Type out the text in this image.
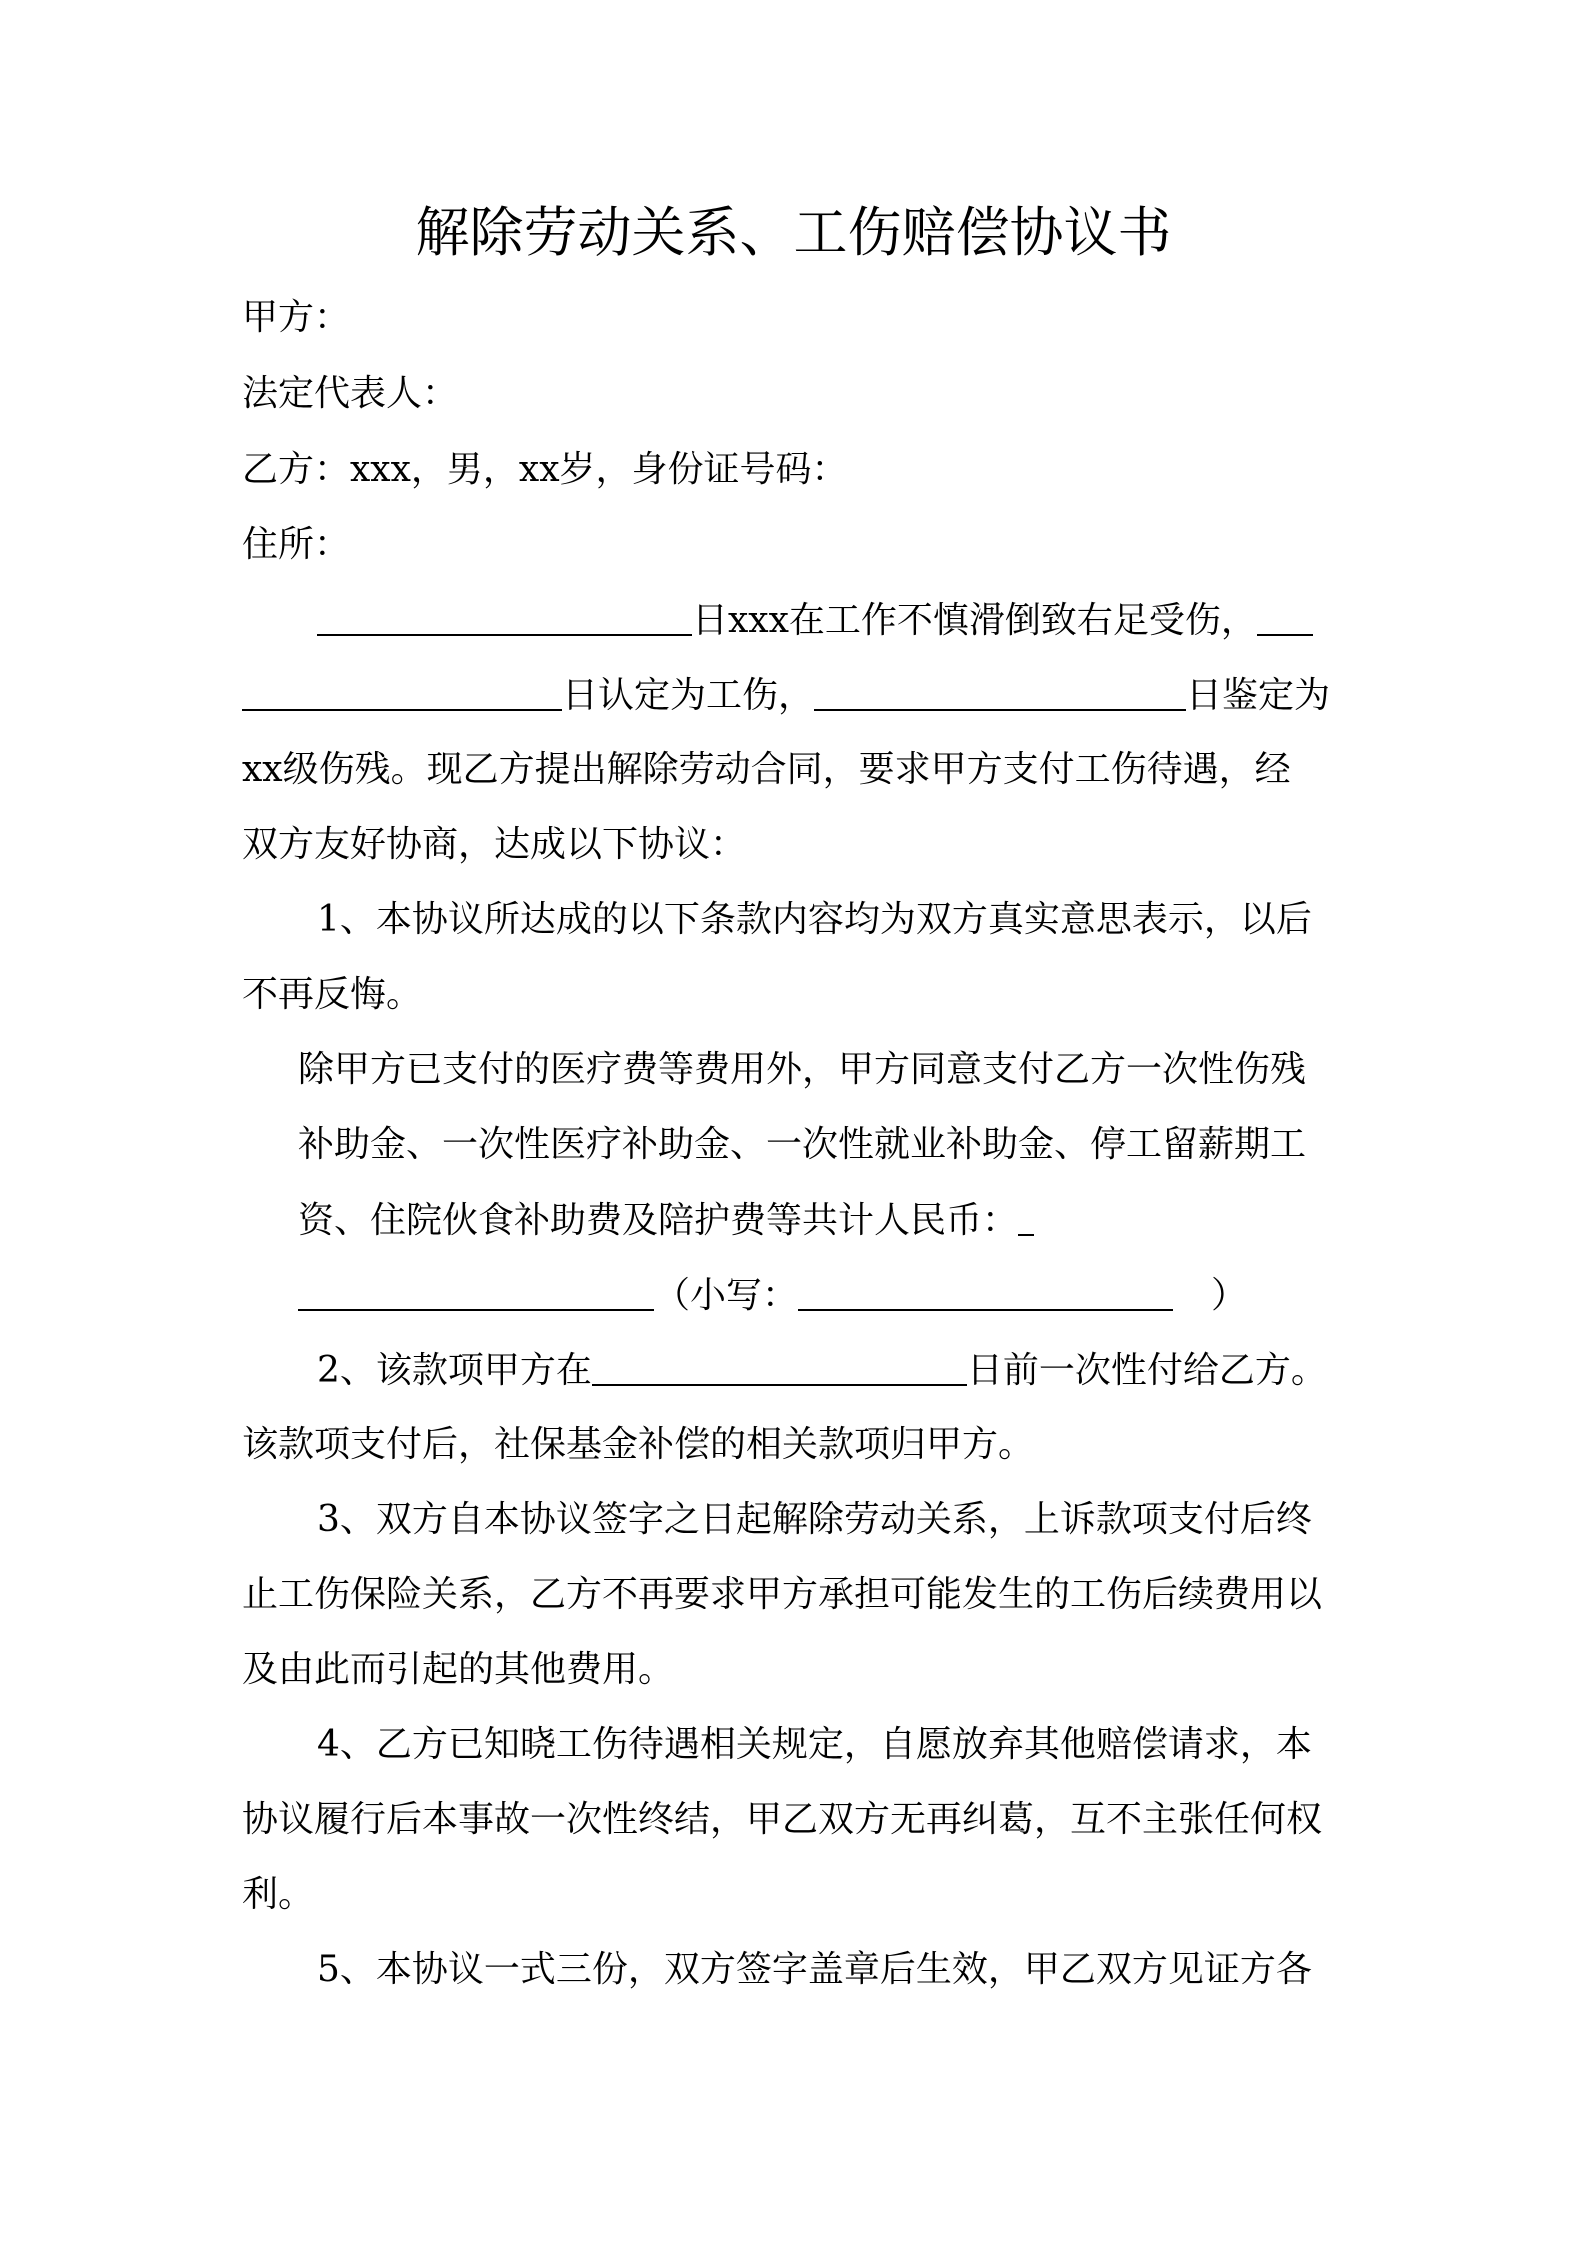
解除劳动关系、工伤赔偿协议书

甲方：

法定代表人：

乙方：xxx，男，xx岁，身份证号码：

住所：

日xxx在工作不慎滑倒致右足受伤，

日认定为工伤，	日鉴定为

xx级伤残。现乙方提出解除劳动合同，要求甲方支付工伤待遇，经

双方友好协商，达成以下协议：

1、本协议所达成的以下条款内容均为双方真实意思表示，以后

不再反悔。

除甲方已支付的医疗费等费用外，甲方同意支付乙方一次性伤残

补助金、一次性医疗补助金、一次性就业补助金、停工留薪期工

资、住院伙食补助费及陪护费等共计人民币：

（小写：	）

2、该款项甲方在	日前一次性付给乙方。

该款项支付后，社保基金补偿的相关款项归甲方。

3、双方自本协议签字之日起解除劳动关系，上诉款项支付后终

止工伤保险关系，乙方不再要求甲方承担可能发生的工伤后续费用以

及由此而引起的其他费用。

4、乙方已知晓工伤待遇相关规定，自愿放弃其他赔偿请求，本

协议履行后本事故一次性终结，甲乙双方无再纠葛，互不主张任何权

利。

5、本协议一式三份，双方签字盖章后生效，甲乙双方见证方各
